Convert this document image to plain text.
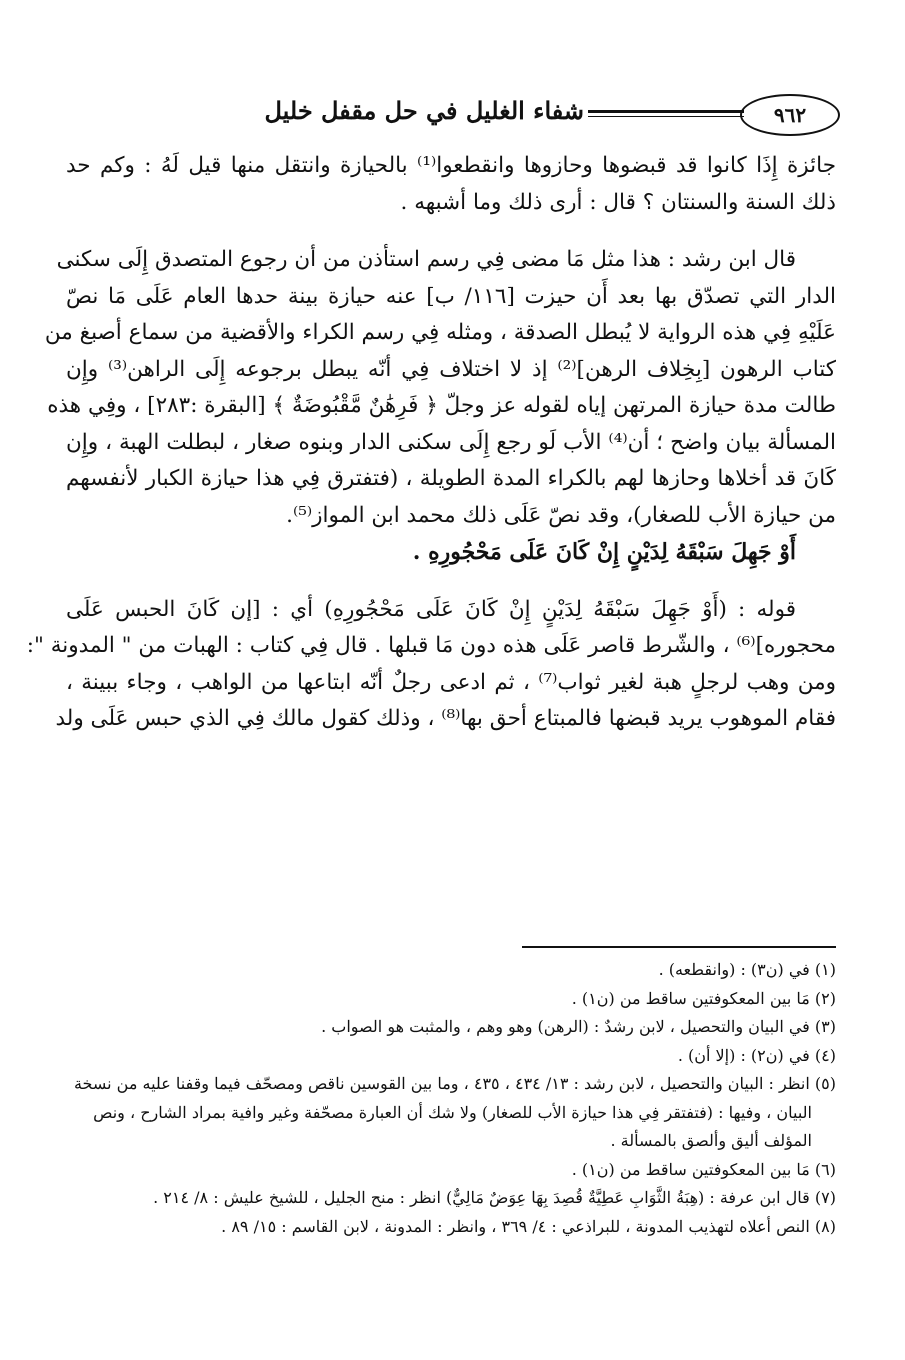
٩٦٢
شفاء الغليل في حل مقفل خليل
جائزة إِذَا كانوا قد قبضوها وحازوها وانقطعوا⁽¹⁾ بالحيازة وانتقل منها قيل لَهُ : وكم حد
ذلك السنة والسنتان ؟ قال : أرى ذلك وما أشبهه .
قال ابن رشد : هذا مثل مَا مضى فِي رسم استأذن من أن رجوع المتصدق إِلَى سكنى
الدار التي تصدّق بها بعد أَن حيزت [١١٦/ ب] عنه حيازة بينة حدها العام عَلَى مَا نصّ
عَلَيْهِ فِي هذه الرواية لا يُبطل الصدقة ، ومثله فِي رسم الكراء والأقضية من سماع أصبغ من
كتاب الرهون [بِخِلاف الرهن]⁽²⁾ إذ لا اختلاف فِي أنّه يبطل برجوعه إِلَى الراهن⁽³⁾ وإِن
طالت مدة حيازة المرتهن إياه لقوله عز وجلّ ﴿ فَرِهَٰنٌ مَّقْبُوضَةٌ ﴾ [البقرة :٢٨٣] ، وفِي هذه
المسألة بيان واضح ؛ أن⁽⁴⁾ الأب لَو رجع إِلَى سكنى الدار وبنوه صغار ، لبطلت الهبة ، وإِن
كَانَ قد أخلاها وحازها لهم بالكراء المدة الطويلة ، (فتفترق فِي هذا حيازة الكبار لأنفسهم
من حيازة الأب للصغار)، وقد نصّ عَلَى ذلك محمد ابن المواز⁽⁵⁾.
أَوْ جَهِلَ سَبْقَهُ لِدَيْنٍ إِنْ كَانَ عَلَى مَحْجُورِهِ .
قوله : (أَوْ جَهِلَ سَبْقَهُ لِدَيْنٍ إِنْ كَانَ عَلَى مَحْجُورِهِ) أي : [إن كَانَ الحبس عَلَى
محجوره]⁽⁶⁾ ، والشّرط قاصر عَلَى هذه دون مَا قبلها . قال فِي كتاب : الهبات من " المدونة ":
ومن وهب لرجلٍ هبة لغير ثواب⁽⁷⁾ ، ثم ادعى رجلٌ أنّه ابتاعها من الواهب ، وجاء ببينة ،
فقام الموهوب يريد قبضها فالمبتاع أحق بها⁽⁸⁾ ، وذلك كقول مالك فِي الذي حبس عَلَى ولد
(١) في (ن٣) : (وانقطعه) .
(٢) مَا بين المعكوفتين ساقط من (ن١) .
(٣) في البيان والتحصيل ، لابن رشدٌ : (الرهن) وهو وهم ، والمثبت هو الصواب .
(٤) في (ن٢) : (إلا أن) .
(٥) انظر : البيان والتحصيل ، لابن رشد : ١٣/ ٤٣٤ ، ٤٣٥ ، وما بين القوسين ناقص ومصحّف فيما وقفنا عليه من نسخة
البيان ، وفيها : (فتفتقر فِي هذا حيازة الأب للصغار) ولا شك أن العبارة مصحّفة وغير وافية بمراد الشارح ، ونص
المؤلف أليق وألصق بالمسألة .
(٦) مَا بين المعكوفتين ساقط من (ن١) .
(٧) قال ابن عرفة : (هِبَةُ الثَّوَابِ عَطِيَّةٌ قُصِدَ بِهَا عِوَضٌ مَالِيٌّ) انظر : منح الجليل ، للشيخ عليش : ٨/ ٢١٤ .
(٨) النص أعلاه لتهذيب المدونة ، للبراذعي : ٤/ ٣٦٩ ، وانظر : المدونة ، لابن القاسم : ١٥/ ٨٩ .
